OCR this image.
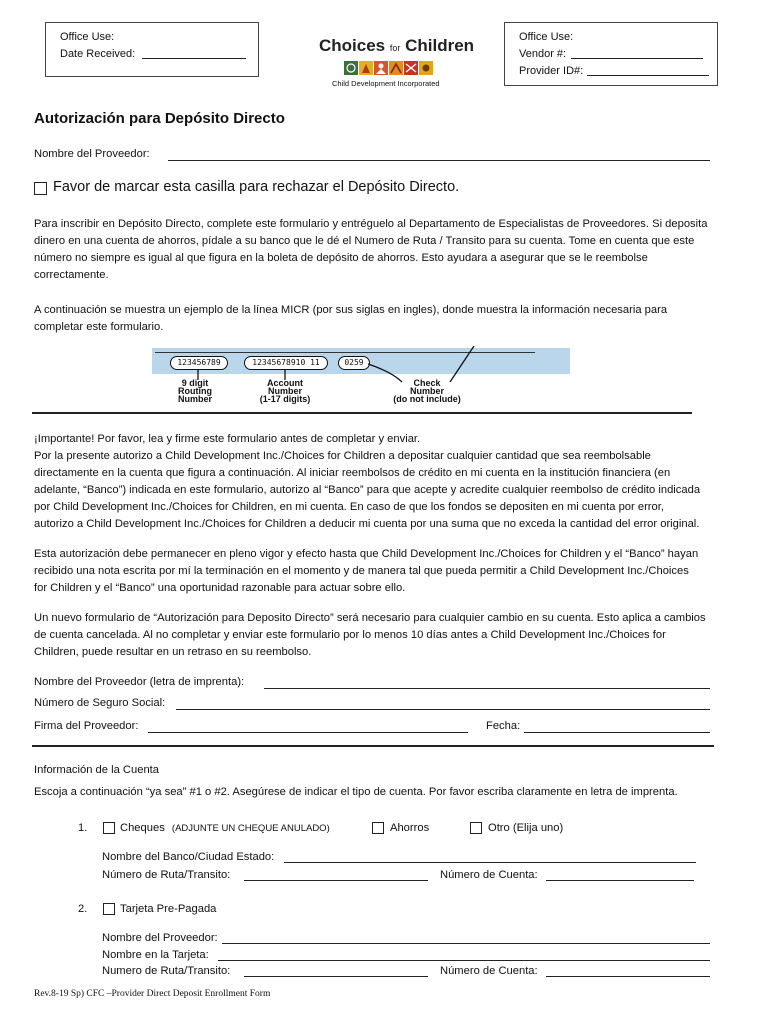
Office Use:
Date Received:
Office Use:
Vendor #:
Provider ID#:
Choices for Children
Child Development Incorporated
Autorización para Depósito Directo
Nombre del Proveedor:
Favor de marcar esta casilla para rechazar el Depósito Directo.
Para inscribir en Depósito Directo, complete este formulario y entréguelo al Departamento de Especialistas de Proveedores. Si deposita
dinero en una cuenta de ahorros, pídale a su banco que le dé el Numero de Ruta / Transito para su cuenta. Tome en cuenta que este
número no siempre es igual al que figura en la boleta de depósito de ahorros. Esto ayudara a asegurar que se le reembolse
correctamente.
A continuación se muestra un ejemplo de la línea MICR (por sus siglas en ingles), donde muestra la información necesaria para
completar este formulario.
123456789	12345678910 11	0259
9 digit
Routing
Number
Account
Number
(1-17 digits)
Check
Number
(do not include)
¡Importante! Por favor, lea y firme este formulario antes de completar y enviar.
Por la presente autorizo a Child Development Inc./Choices for Children a depositar cualquier cantidad que sea reembolsable
directamente en la cuenta que figura a continuación. Al iniciar reembolsos de crédito en mi cuenta en la institución financiera (en
adelante, “Banco”) indicada en este formulario, autorizo al “Banco” para que acepte y acredite cualquier reembolso de crédito indicada
por Child Development Inc./Choices for Children, en mi cuenta. En caso de que los fondos se depositen en mi cuenta por error,
autorizo a Child Development Inc./Choices for Children a deducir mi cuenta por una suma que no exceda la cantidad del error original.
Esta autorización debe permanecer en pleno vigor y efecto hasta que Child Development Inc./Choices for Children y el “Banco” hayan
recibido una nota escrita por mí la terminación en el momento y de manera tal que pueda permitir a Child Development Inc./Choices
for Children y el “Banco” una oportunidad razonable para actuar sobre ello.
Un nuevo formulario de “Autorización para Deposito Directo” será necesario para cualquier cambio en su cuenta. Esto aplica a cambios
de cuenta cancelada. Al no completar y enviar este formulario por lo menos 10 días antes a Child Development Inc./Choices for
Children, puede resultar en un retraso en su reembolso.
Nombre del Proveedor (letra de imprenta):
Número de Seguro Social:
Firma del Proveedor:	Fecha:
Información de la Cuenta
Escoja a continuación “ya sea” #1 o #2. Asegúrese de indicar el tipo de cuenta. Por favor escriba claramente en letra de imprenta.
1.	Cheques (ADJUNTE UN CHEQUE ANULADO)	Ahorros	Otro (Elija uno)
Nombre del Banco/Ciudad Estado:
Número de Ruta/Transito:	Número de Cuenta:
2.	Tarjeta Pre-Pagada
Nombre del Proveedor:
Nombre en la Tarjeta:
Numero de Ruta/Transito:	Número de Cuenta:
Rev.8-19 Sp) CFC –Provider Direct Deposit Enrollment Form
